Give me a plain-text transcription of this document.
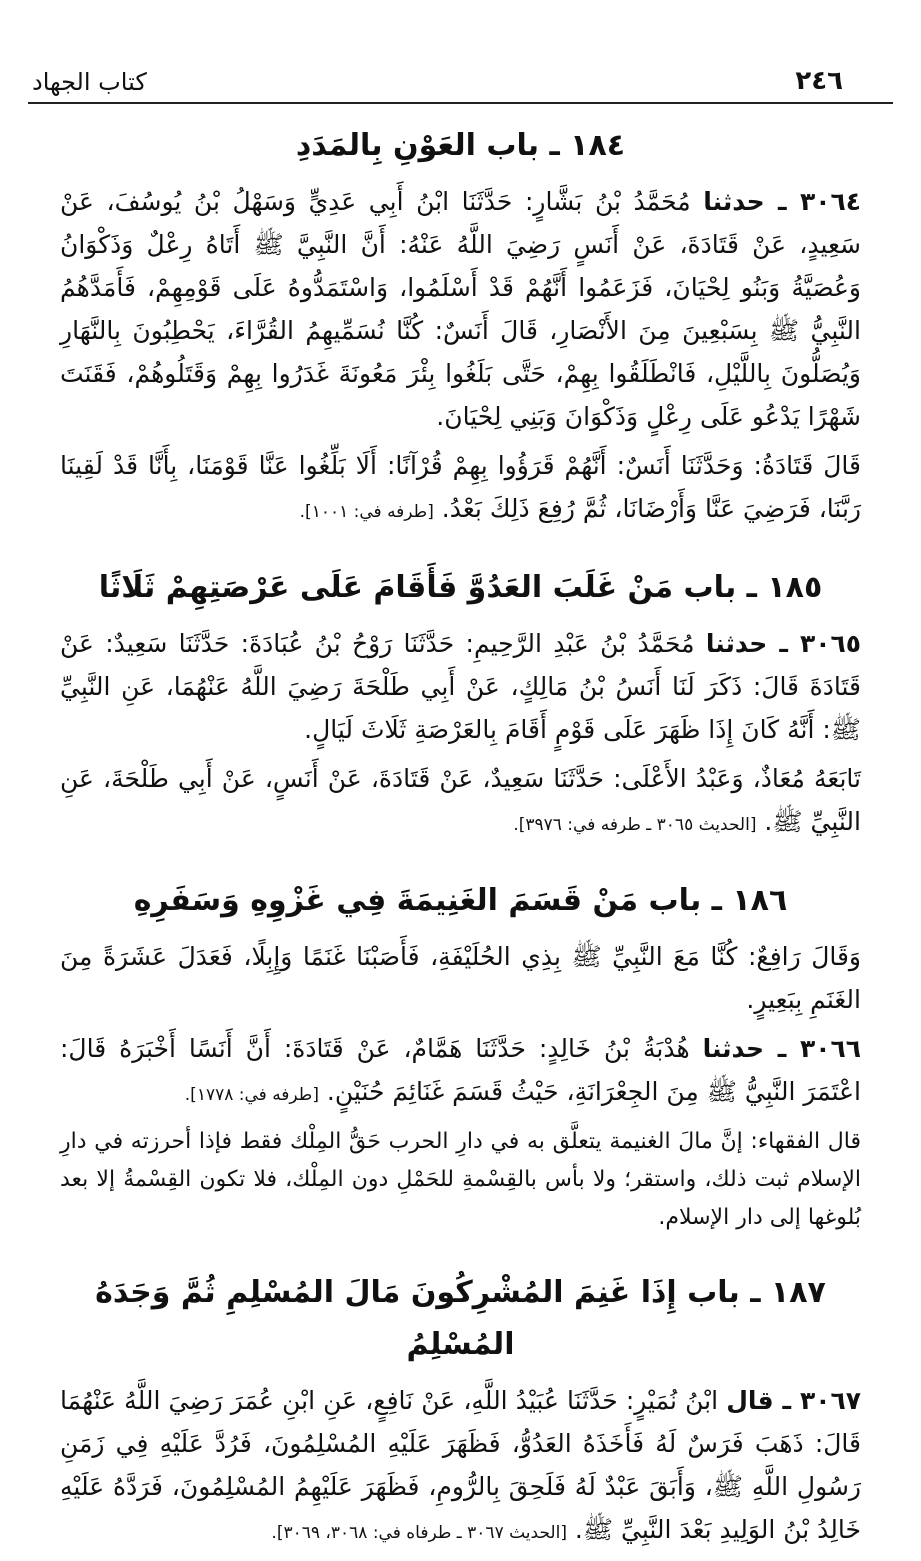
٢٤٦
كتاب الجهاد
١٨٤ ـ باب العَوْنِ بِالمَدَدِ

٣٠٦٤ ـ حدثنا مُحَمَّدُ بْنُ بَشَّارٍ: حَدَّثَنَا ابْنُ أَبِي عَدِيٍّ وَسَهْلُ بْنُ يُوسُفَ، عَنْ سَعِيدٍ، عَنْ قَتَادَةَ، عَنْ أَنَسٍ رَضِيَ اللَّهُ عَنْهُ: أَنَّ النَّبِيَّ ﷺ أَتَاهُ رِعْلٌ وَذَكْوَانُ وَعُصَيَّةُ وَبَنُو لِحْيَانَ، فَزَعَمُوا أَنَّهُمْ قَدْ أَسْلَمُوا، وَاسْتَمَدُّوهُ عَلَى قَوْمِهِمْ، فَأَمَدَّهُمُ النَّبِيُّ ﷺ بِسَبْعِينَ مِنَ الأَنْصَارِ، قَالَ أَنَسٌ: كُنَّا نُسَمِّيهِمُ القُرَّاءَ، يَحْطِبُونَ بِالنَّهَارِ وَيُصَلُّونَ بِاللَّيْلِ، فَانْطَلَقُوا بِهِمْ، حَتَّى بَلَغُوا بِئْرَ مَعُونَةَ غَدَرُوا بِهِمْ وَقَتَلُوهُمْ، فَقَنَتَ شَهْرًا يَدْعُو عَلَى رِعْلٍ وَذَكْوَانَ وَبَنِي لِحْيَانَ.

قَالَ قَتَادَةُ: وَحَدَّثَنَا أَنَسٌ: أَنَّهُمْ قَرَؤُوا بِهِمْ قُرْآنًا: أَلَا بَلِّغُوا عَنَّا قَوْمَنَا، بِأَنَّا قَدْ لَقِينَا رَبَّنَا، فَرَضِيَ عَنَّا وَأَرْضَانَا، ثُمَّ رُفِعَ ذَلِكَ بَعْدُ. [طرفه في: ١٠٠١].

١٨٥ ـ باب مَنْ غَلَبَ العَدُوَّ فَأَقَامَ عَلَى عَرْصَتِهِمْ ثَلَاثًا

٣٠٦٥ ـ حدثنا مُحَمَّدُ بْنُ عَبْدِ الرَّحِيمِ: حَدَّثَنَا رَوْحُ بْنُ عُبَادَةَ: حَدَّثَنَا سَعِيدٌ: عَنْ قَتَادَةَ قَالَ: ذَكَرَ لَنَا أَنَسُ بْنُ مَالِكٍ، عَنْ أَبِي طَلْحَةَ رَضِيَ اللَّهُ عَنْهُمَا، عَنِ النَّبِيِّ ﷺ: أَنَّهُ كَانَ إِذَا ظَهَرَ عَلَى قَوْمٍ أَقَامَ بِالعَرْصَةِ ثَلَاثَ لَيَالٍ.

تَابَعَهُ مُعَاذٌ، وَعَبْدُ الأَعْلَى: حَدَّثَنَا سَعِيدٌ، عَنْ قَتَادَةَ، عَنْ أَنَسٍ، عَنْ أَبِي طَلْحَةَ، عَنِ النَّبِيِّ ﷺ. [الحديث ٣٠٦٥ ـ طرفه في: ٣٩٧٦].

١٨٦ ـ باب مَنْ قَسَمَ الغَنِيمَةَ فِي غَزْوِهِ وَسَفَرِهِ

وَقَالَ رَافِعٌ: كُنَّا مَعَ النَّبِيِّ ﷺ بِذِي الحُلَيْفَةِ، فَأَصَبْنَا غَنَمًا وَإِبِلًا، فَعَدَلَ عَشَرَةً مِنَ الغَنَمِ بِبَعِيرٍ.

٣٠٦٦ ـ حدثنا هُدْبَةُ بْنُ خَالِدٍ: حَدَّثَنَا هَمَّامٌ، عَنْ قَتَادَةَ: أَنَّ أَنَسًا أَخْبَرَهُ قَالَ: اعْتَمَرَ النَّبِيُّ ﷺ مِنَ الجِعْرَانَةِ، حَيْثُ قَسَمَ غَنَائِمَ حُنَيْنٍ. [طرفه في: ١٧٧٨].

قال الفقهاء: إنَّ مالَ الغنيمة يتعلَّق به في دارِ الحرب حَقُّ المِلْك فقط فإذا أحرزته في دارِ الإسلام ثبت ذلك، واستقر؛ ولا بأس بالقِسْمةِ للحَمْلِ دون المِلْك، فلا تكون القِسْمةُ إلا بعد بُلوغها إلى دار الإسلام.

١٨٧ ـ باب إِذَا غَنِمَ المُشْرِكُونَ مَالَ المُسْلِمِ ثُمَّ وَجَدَهُ المُسْلِمُ

٣٠٦٧ ـ قال ابْنُ نُمَيْرٍ: حَدَّثَنَا عُبَيْدُ اللَّهِ، عَنْ نَافِعٍ، عَنِ ابْنِ عُمَرَ رَضِيَ اللَّهُ عَنْهُمَا قَالَ: ذَهَبَ فَرَسٌ لَهُ فَأَخَذَهُ العَدُوُّ، فَظَهَرَ عَلَيْهِ المُسْلِمُونَ، فَرُدَّ عَلَيْهِ فِي زَمَنِ رَسُولِ اللَّهِ ﷺ، وَأَبَقَ عَبْدٌ لَهُ فَلَحِقَ بِالرُّومِ، فَظَهَرَ عَلَيْهِمُ المُسْلِمُونَ، فَرَدَّهُ عَلَيْهِ خَالِدُ بْنُ الوَلِيدِ بَعْدَ النَّبِيِّ ﷺ. [الحديث ٣٠٦٧ ـ طرفاه في: ٣٠٦٨، ٣٠٦٩].
